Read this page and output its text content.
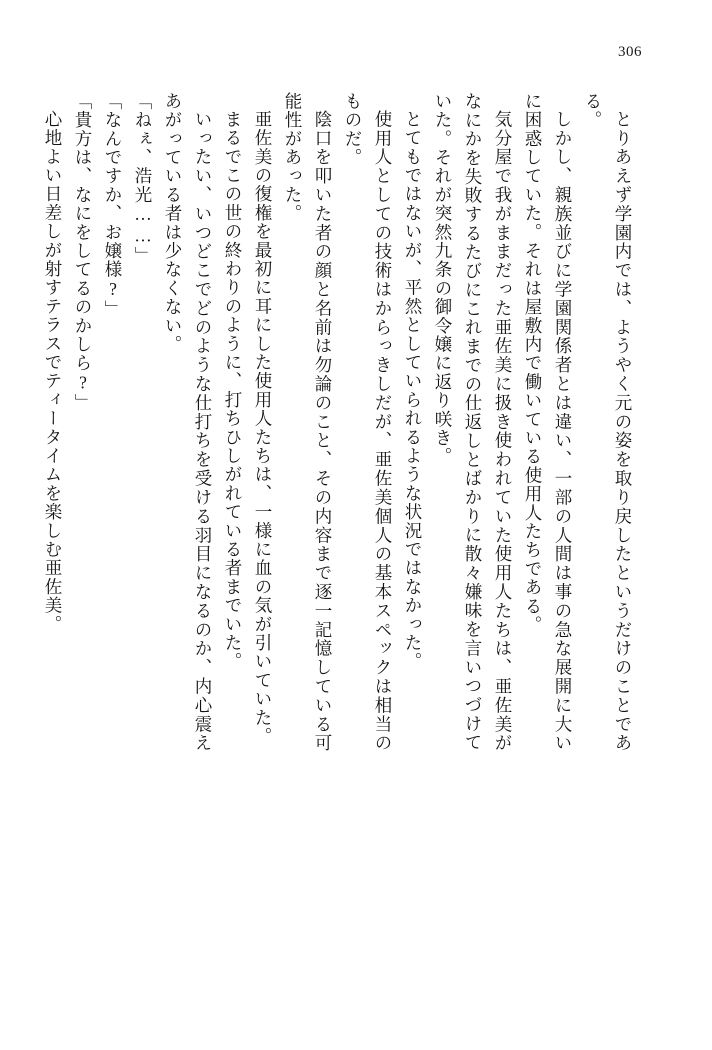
306

とりあえず学園内では、ようやく元の姿を取り戻したというだけのことである。

しかし、親族並びに学園関係者とは違い、一部の人間は事の急な展開に大いに困惑していた。それは屋敷内で働いている使用人たちである。

気分屋で我がままだった亜佐美に扱き使われていた使用人たちは、亜佐美がなにかを失敗するたびにこれまでの仕返しとばかりに散々嫌味を言いつづけていた。それが突然九条の御令嬢に返り咲き。

とてもではないが、平然としていられるような状況ではなかった。

使用人としての技術はからっきしだが、亜佐美個人の基本スペックは相当のものだ。

陰口を叩いた者の顔と名前は勿論のこと、その内容まで逐一記憶している可能性があった。

亜佐美の復権を最初に耳にした使用人たちは、一様に血の気が引いていた。

まるでこの世の終わりのように、打ちひしがれている者までいた。

いったい、いつどこでどのような仕打ちを受ける羽目になるのか、内心震えあがっている者は少なくない。

「ねぇ、浩光……」

「なんですか、お嬢様?」

「貴方は、なにをしてるのかしら?」

心地よい日差しが射すテラスでティータイムを楽しむ亜佐美。
